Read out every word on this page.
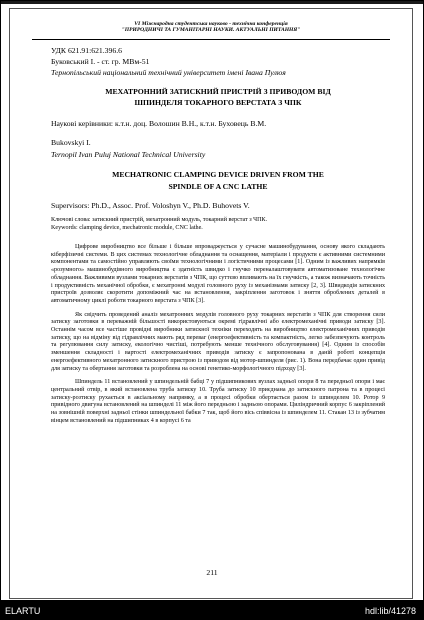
VI Міжнародна студентська науково - технічна конференція
"ПРИРОДНИЧІ ТА ГУМАНІТАРНІ НАУКИ. АКТУАЛЬНІ ПИТАННЯ"
УДК 621.91:621.396.6
Буковський І. - ст. гр. МВм-51
Тернопільський національний технічний університет імені Івана Пулюя
МЕХАТРОННИЙ ЗАТИСКНИЙ ПРИСТРІЙ З ПРИВОДОМ ВІД
ШПИНДЕЛЯ ТОКАРНОГО ВЕРСТАТА З ЧПК
Наукові керівники: к.т.н. доц. Волошин В.Н., к.т.н. Буховець В.М.
Bukovskyi I.
Ternopil Ivan Puluj National Technical University
MECHATRONIC CLAMPING DEVICE DRIVEN FROM THE
SPINDLE OF A CNC LATHE
Supervisors: Ph.D., Assoc. Prof. Voloshyn V., Ph.D. Buhovets V.
Ключові слова: затискний пристрій, мехатронний модуль, токарний верстат з ЧПК.
Keywords: clamping device, mechatronic module, CNC lathe.

Цифрове виробництво все більше і більше впроваджується у сучасне машинобудування, основу якого складають кіберфізичні системи. В цих системах технологічне обладнання та оснащення, матеріали і продукти є активними системними компонентами та самостійно управляють своїми технологічними і логістичними процесами [1]. Одним із важливих напрямків «розумного» машинобудівного виробництва є здатність швидко і гнучко переналаштовувати автоматизоване технологічне обладнання. Важливими вузлами токарних верстатів з ЧПК, що суттєво впливають на їх гнучкість, а також визначають точність і продуктивність механічної обробки, є мехатронні модулі головного руху із механізмами затиску [2, 3]. Швидкодія затискних пристроїв дозволяє скоротити допоміжний час на встановлення, закріплення заготовок і зняття оброблених деталей в автоматичному циклі роботи токарного верстата з ЧПК [3].

Як свідчить проведений аналіз мехатронних модулів головного руху токарних верстатів з ЧПК для створення сили затиску заготовки в переважній більшості використовуються окремі гідравлічні або електромеханічні приводи затиску [3]. Останнім часом все частіше провідні виробники затискної техніки переходять на виробництво електромеханічних приводів затиску, що на відміну від гідравлічних мають ряд переваг (енергоефективність та компактність, легко забезпечують контроль та регулювання силу затиску, екологічно чистіші, потребують менше технічного обслуговування) [4]. Одним із способів зменшення складності і вартості електромеханічних приводів затиску є запропонована в даній роботі концепція енергоефективного мехатронного затискного пристрою із приводом від мотор-шпинделя (рис. 1). Вона передбачає один привід для затиску та обертання заготовки та розроблена на основі генетико-морфологічного підходу [3].

Шпиндель 11 встановлений у шпиндельній бабці 7 у підшипникових вузлах задньої опори 8 та передньої опори і має центральний отвір, в який встановлена труба затиску 10. Труба затиску 10 приєднана до затискного патрона та в процесі затиску-розтиску рухається в аксіальному напрямку, а в процесі обробки обертається разом із шпинделем 10. Ротор 9 привідного двигуна встановлений на шпинделі 11 між його передньою і задньою опорами. Циліндричний корпус 6 закріплений на зовнішній поверхні задньої стінки шпиндельної бабки 7 так, щоб його вісь співвісна із шпинделем 11. Стакан 13 із зубчатим вінцем встановлений на підшипниках 4 в корпусі 6 та

211
ELARTU	hdl:lib/41278
